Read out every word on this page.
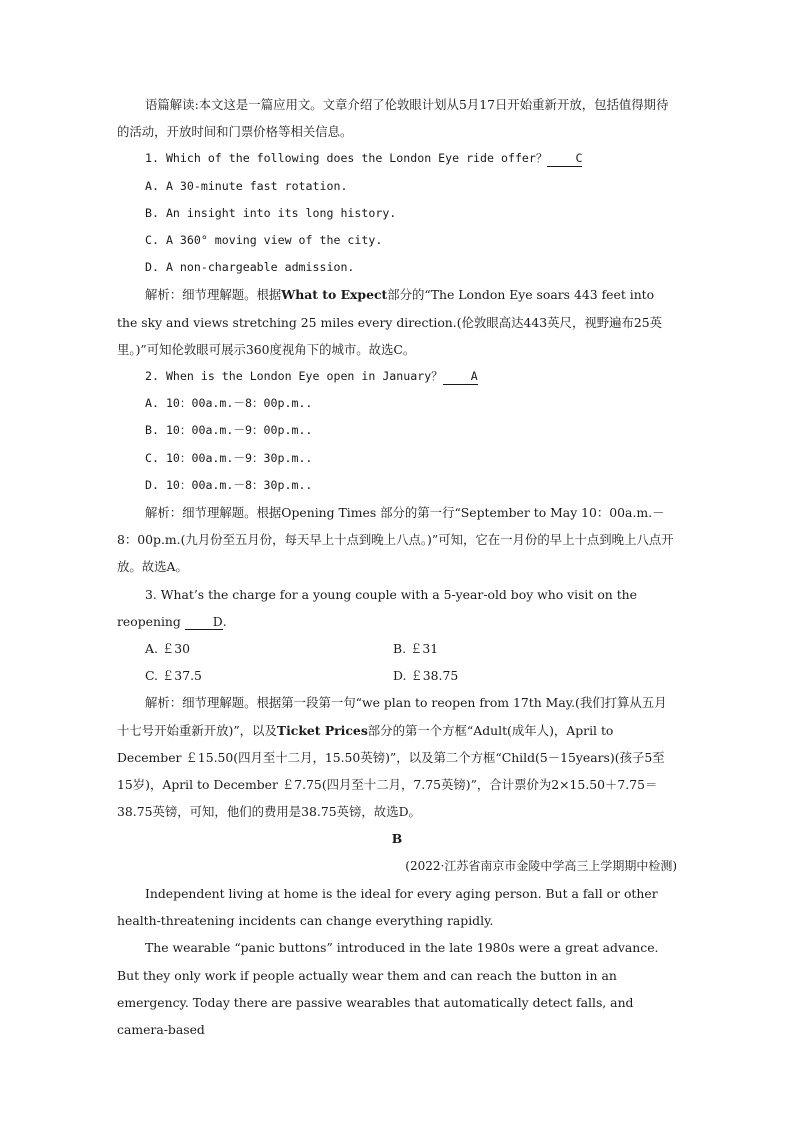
语篇解读:本文这是一篇应用文。文章介绍了伦敦眼计划从5月17日开始重新开放，包括值得期待的活动，开放时间和门票价格等相关信息。

1. Which of the following does the London Eye ride offer？ C

A. A 30-minute fast rotation.

B. An insight into its long history.

C. A 360° moving view of the city.

D. A non-chargeable admission.

解析：细节理解题。根据What to Expect部分的“The London Eye soars 443 feet into the sky and views stretching 25 miles every direction.(伦敦眼高达443英尺，视野遍布25英里。)”可知伦敦眼可展示360度视角下的城市。故选C。

2. When is the London Eye open in January？ A

A. 10：00a.m.－8：00p.m..

B. 10：00a.m.－9：00p.m..

C. 10：00a.m.－9：30p.m..

D. 10：00a.m.－8：30p.m..

解析：细节理解题。根据Opening Times 部分的第一行“September to May 10：00a.m.－8：00p.m.(九月份至五月份，每天早上十点到晚上八点。)”可知，它在一月份的早上十点到晚上八点开放。故选A。

3. What’s the charge for a young couple with a 5-year-old boy who visit on the reopening	D.

A. ￡30	B. ￡31

C. ￡37.5	D. ￡38.75

解析：细节理解题。根据第一段第一句“we plan to reopen from 17th May.(我们打算从五月十七号开始重新开放)”，以及Ticket Prices部分的第一个方框“Adult(成年人)，April to December ￡15.50(四月至十二月，15.50英镑)”，以及第二个方框“Child(5－15years)(孩子5至15岁)，April to December ￡7.75(四月至十二月，7.75英镑)”，合计票价为2×15.50＋7.75＝38.75英镑，可知，他们的费用是38.75英镑，故选D。

B

(2022·江苏省南京市金陵中学高三上学期期中检测)

Independent living at home is the ideal for every aging person. But a fall or other health-threatening incidents can change everything rapidly.

The wearable “panic buttons” introduced in the late 1980s were a great advance. But they only work if people actually wear them and can reach the button in an emergency. Today there are passive wearables that automatically detect falls, and camera-based
